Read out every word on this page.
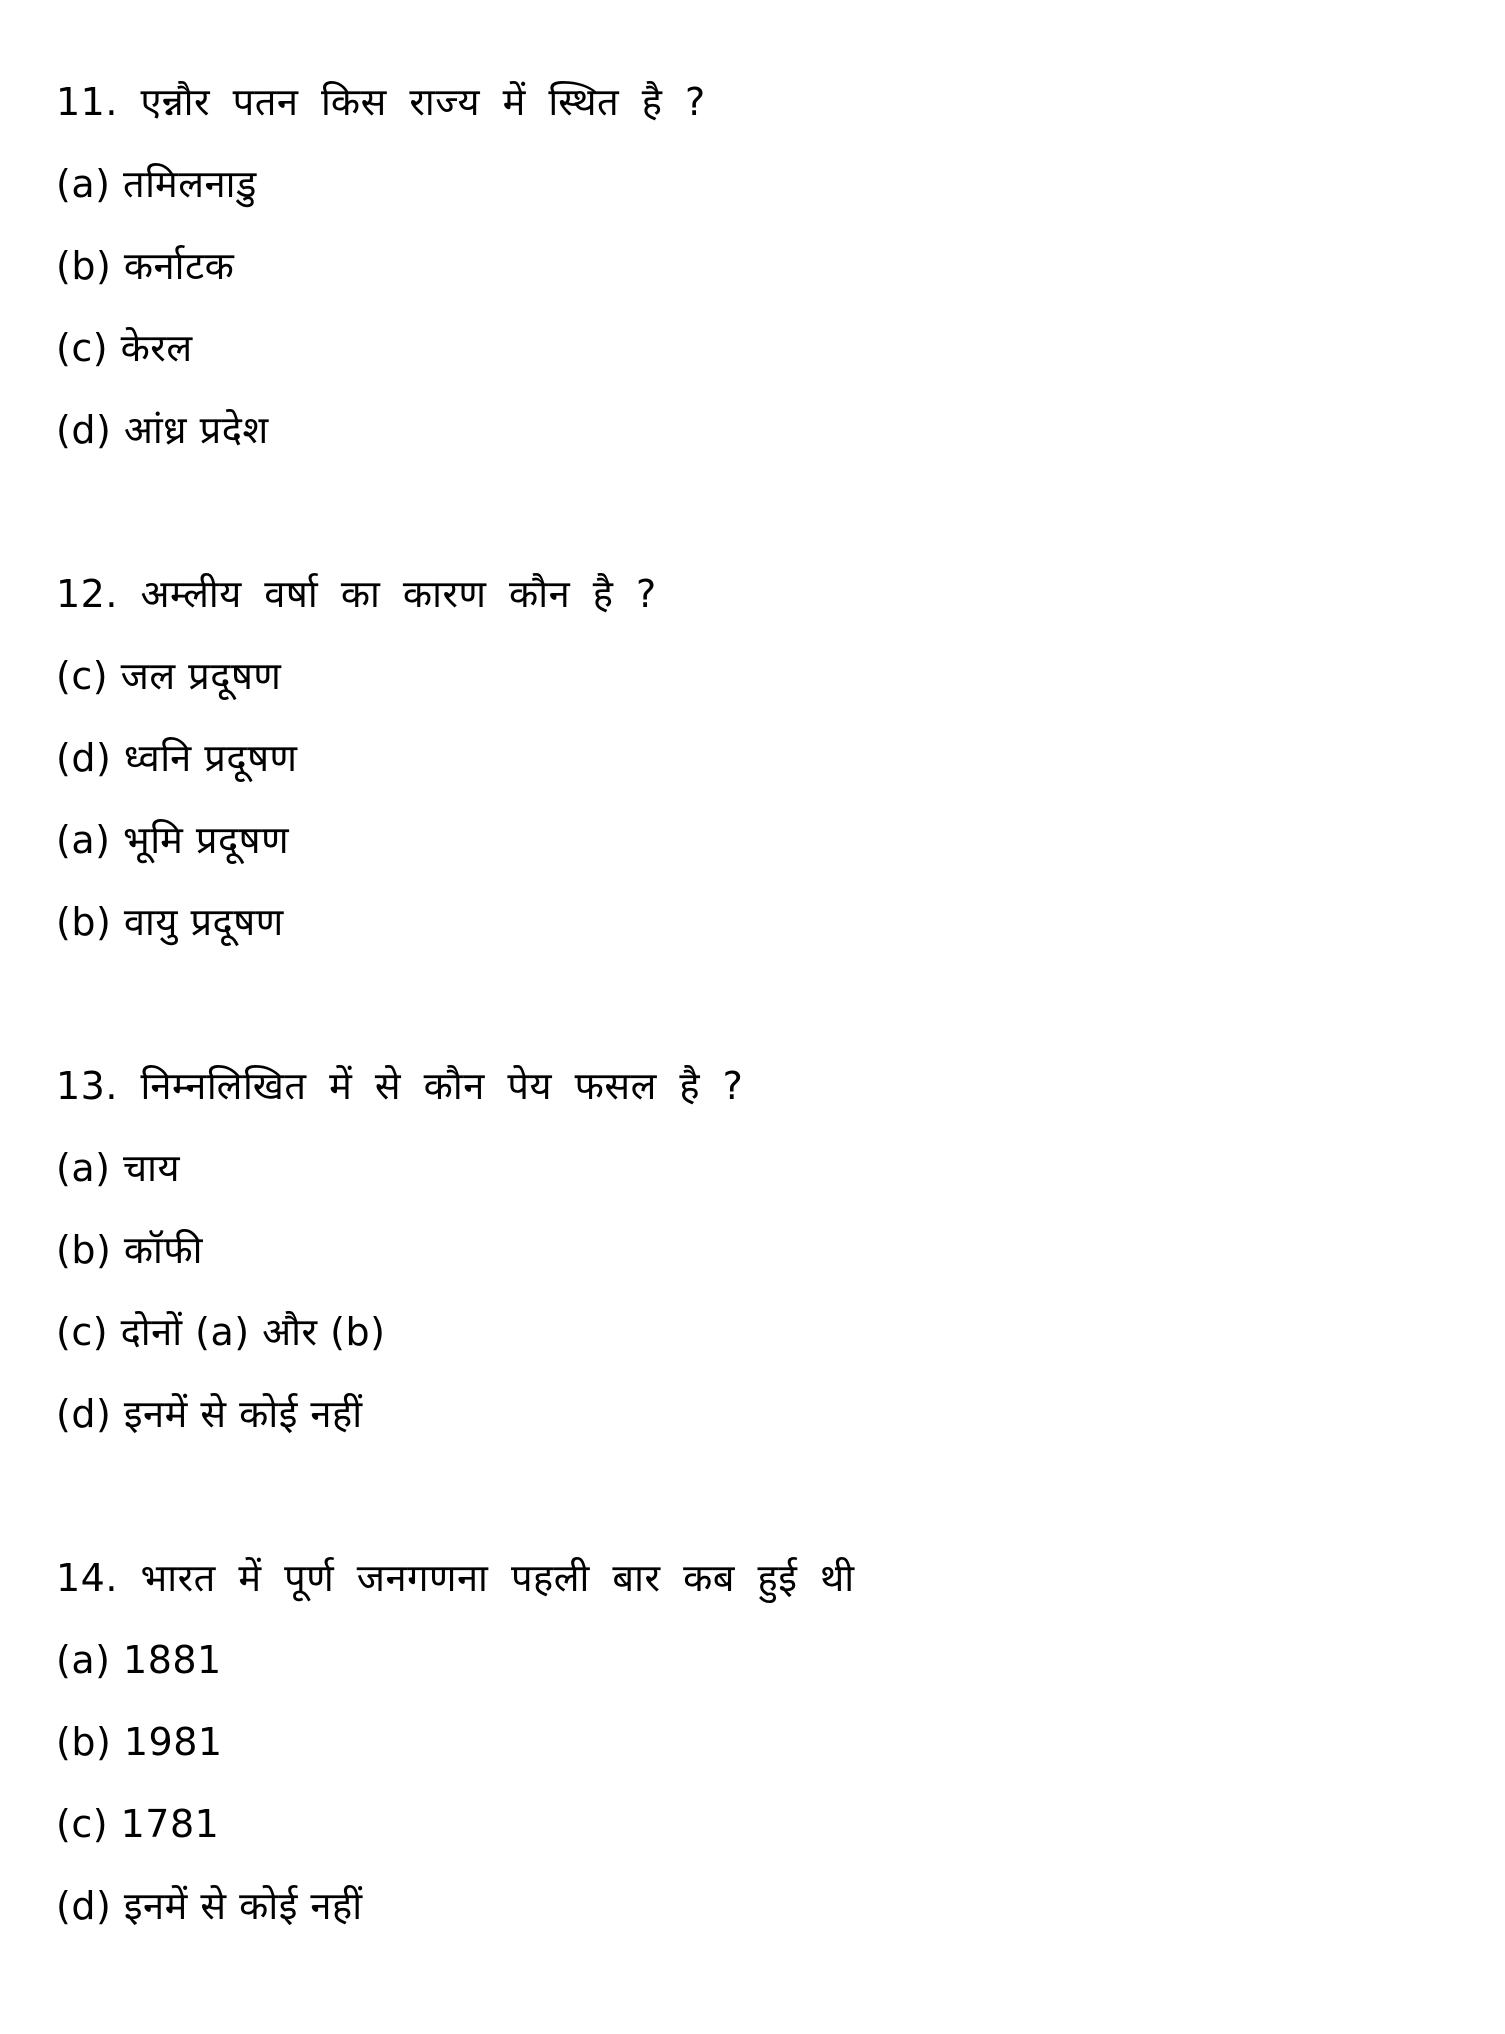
11. एन्नौर पतन किस राज्य में स्थित है ?
(a) तमिलनाडु
(b) कर्नाटक
(c) केरल
(d) आंध्र प्रदेश
12. अम्लीय वर्षा का कारण कौन है ?
(c) जल प्रदूषण
(d) ध्वनि प्रदूषण
(a) भूमि प्रदूषण
(b) वायु प्रदूषण
13. निम्नलिखित में से कौन पेय फसल है ?
(a) चाय
(b) कॉफी
(c) दोनों (a) और (b)
(d) इनमें से कोई नहीं
14. भारत में पूर्ण जनगणना पहली बार कब हुई थी
(a) 1881
(b) 1981
(c) 1781
(d) इनमें से कोई नहीं
